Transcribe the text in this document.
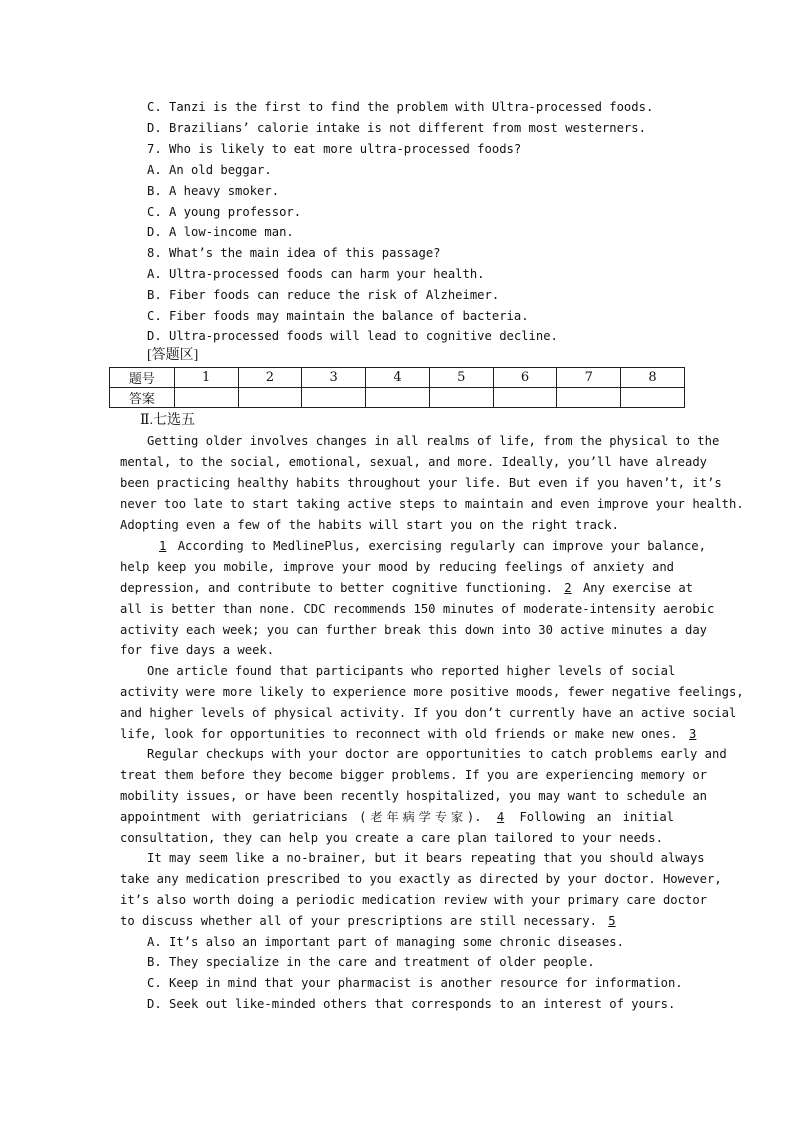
C. Tanzi is the first to find the problem with Ultra-processed foods.
D. Brazilians’ calorie intake is not different from most westerners.
7. Who is likely to eat more ultra-processed foods?
A. An old beggar.
B. A heavy smoker.
C. A young professor.
D. A low-income man.
8. What’s the main idea of this passage?
A. Ultra-processed foods can harm your health.
B. Fiber foods can reduce the risk of Alzheimer.
C. Fiber foods may maintain the balance of bacteria.
D. Ultra-processed foods will lead to cognitive decline.
[答题区]
题号	1	2	3	4	5	6	7	8
答案								
Ⅱ.七选五
Getting older involves changes in all realms of life, from the physical to the
mental, to the social, emotional, sexual, and more. Ideally, you’ll have already
been practicing healthy habits throughout your life. But even if you haven’t, it’s
never too late to start taking active steps to maintain and even improve your health.
Adopting even a few of the habits will start you on the right track.
1 According to MedlinePlus, exercising regularly can improve your balance,
help keep you mobile, improve your mood by reducing feelings of anxiety and
depression, and contribute to better cognitive functioning. 2 Any exercise at
all is better than none. CDC recommends 150 minutes of moderate-intensity aerobic
activity each week; you can further break this down into 30 active minutes a day
for five days a week.
One article found that participants who reported higher levels of social
activity were more likely to experience more positive moods, fewer negative feelings,
and higher levels of physical activity. If you don’t currently have an active social
life, look for opportunities to reconnect with old friends or make new ones. 3
Regular checkups with your doctor are opportunities to catch problems early and
treat them before they become bigger problems. If you are experiencing memory or
mobility issues, or have been recently hospitalized, you may want to schedule an
appointment with geriatricians (老年病学专家). 4 Following an initial
consultation, they can help you create a care plan tailored to your needs.
It may seem like a no-brainer, but it bears repeating that you should always
take any medication prescribed to you exactly as directed by your doctor. However,
it’s also worth doing a periodic medication review with your primary care doctor
to discuss whether all of your prescriptions are still necessary. 5
A. It’s also an important part of managing some chronic diseases.
B. They specialize in the care and treatment of older people.
C. Keep in mind that your pharmacist is another resource for information.
D. Seek out like-minded others that corresponds to an interest of yours.
